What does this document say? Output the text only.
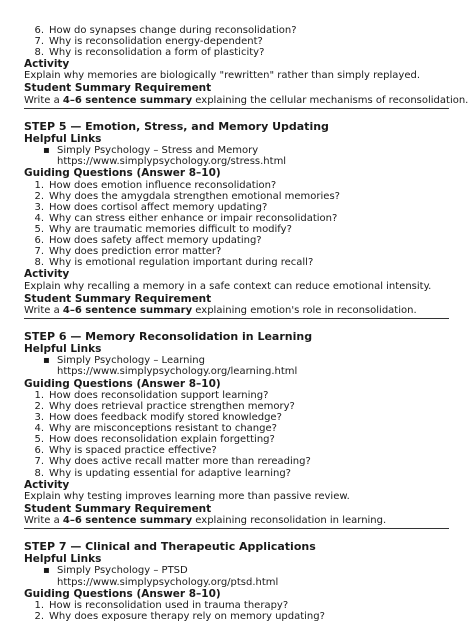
6. How do synapses change during reconsolidation?
7. Why is reconsolidation energy-dependent?
8. Why is reconsolidation a form of plasticity?
Activity
Explain why memories are biologically "rewritten" rather than simply replayed.
Student Summary Requirement
Write a 4–6 sentence summary explaining the cellular mechanisms of reconsolidation.
STEP 5 — Emotion, Stress, and Memory Updating
Helpful Links
▪ Simply Psychology – Stress and Memory
https://www.simplypsychology.org/stress.html
Guiding Questions (Answer 8–10)
1. How does emotion influence reconsolidation?
2. Why does the amygdala strengthen emotional memories?
3. How does cortisol affect memory updating?
4. Why can stress either enhance or impair reconsolidation?
5. Why are traumatic memories difficult to modify?
6. How does safety affect memory updating?
7. Why does prediction error matter?
8. Why is emotional regulation important during recall?
Activity
Explain why recalling a memory in a safe context can reduce emotional intensity.
Student Summary Requirement
Write a 4–6 sentence summary explaining emotion's role in reconsolidation.
STEP 6 — Memory Reconsolidation in Learning
Helpful Links
▪ Simply Psychology – Learning
https://www.simplypsychology.org/learning.html
Guiding Questions (Answer 8–10)
1. How does reconsolidation support learning?
2. Why does retrieval practice strengthen memory?
3. How does feedback modify stored knowledge?
4. Why are misconceptions resistant to change?
5. How does reconsolidation explain forgetting?
6. Why is spaced practice effective?
7. Why does active recall matter more than rereading?
8. Why is updating essential for adaptive learning?
Activity
Explain why testing improves learning more than passive review.
Student Summary Requirement
Write a 4–6 sentence summary explaining reconsolidation in learning.
STEP 7 — Clinical and Therapeutic Applications
Helpful Links
▪ Simply Psychology – PTSD
https://www.simplypsychology.org/ptsd.html
Guiding Questions (Answer 8–10)
1. How is reconsolidation used in trauma therapy?
2. Why does exposure therapy rely on memory updating?
